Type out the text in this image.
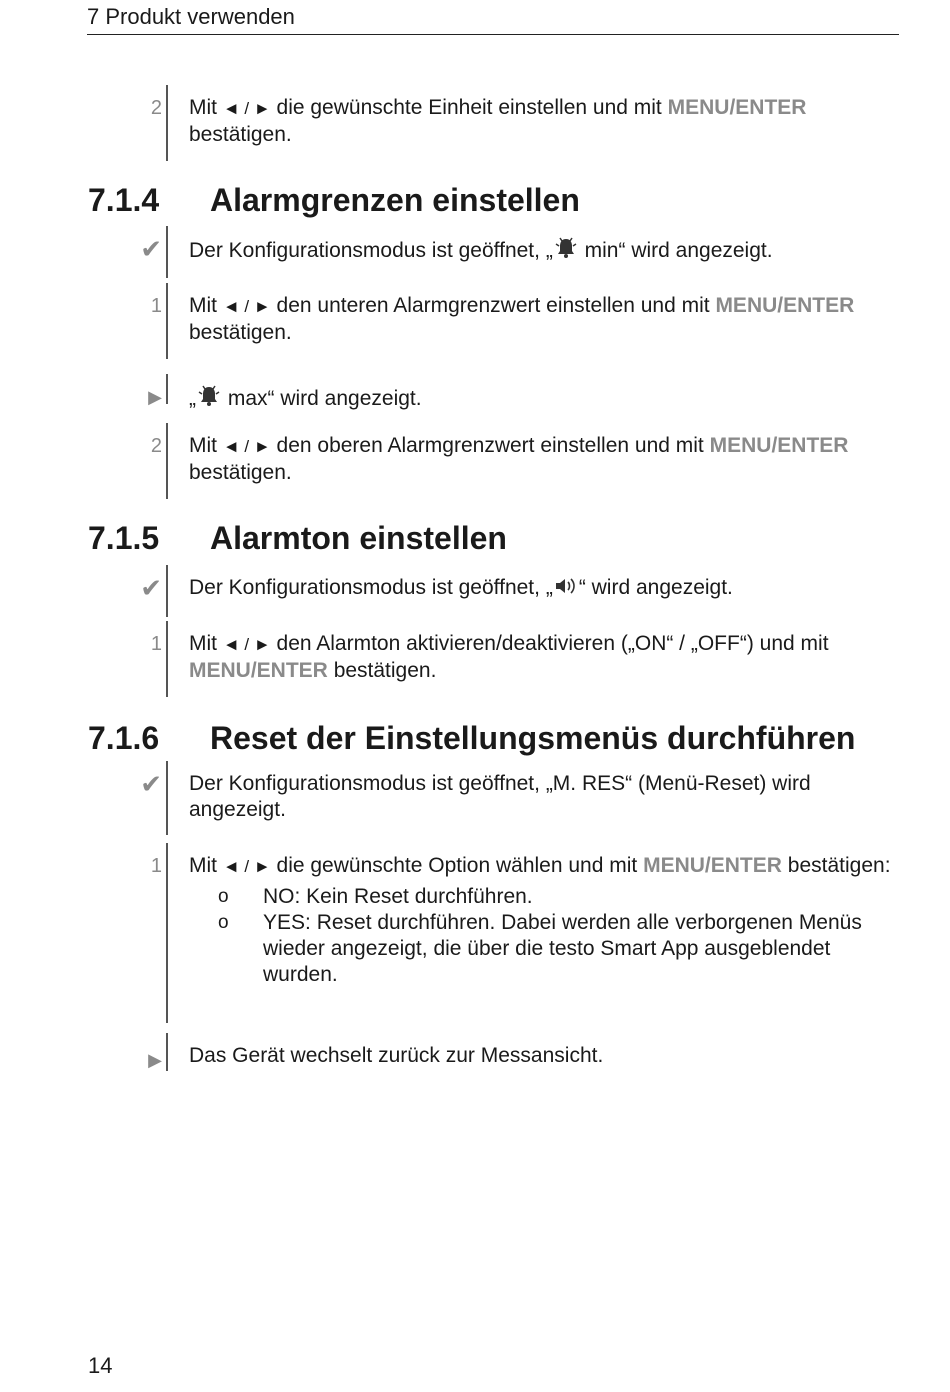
7 Produkt verwenden
2 Mit ◄ / ► die gewünschte Einheit einstellen und mit MENU/ENTER bestätigen.
7.1.4 Alarmgrenzen einstellen
✔ Der Konfigurationsmodus ist geöffnet, „ min“ wird angezeigt.
1 Mit ◄ / ► den unteren Alarmgrenzwert einstellen und mit MENU/ENTER bestätigen.
▶ „ max“ wird angezeigt.
2 Mit ◄ / ► den oberen Alarmgrenzwert einstellen und mit MENU/ENTER bestätigen.
7.1.5 Alarmton einstellen
✔ Der Konfigurationsmodus ist geöffnet, „ “ wird angezeigt.
1 Mit ◄ / ► den Alarmton aktivieren/deaktivieren („ON“ / „OFF“) und mit MENU/ENTER bestätigen.
7.1.6 Reset der Einstellungsmenüs durchführen
✔ Der Konfigurationsmodus ist geöffnet, „M. RES“ (Menü-Reset) wird angezeigt.
1 Mit ◄ / ► die gewünschte Option wählen und mit MENU/ENTER bestätigen:
o NO: Kein Reset durchführen.
o YES: Reset durchführen. Dabei werden alle verborgenen Menüs wieder angezeigt, die über die testo Smart App ausgeblendet wurden.
▶ Das Gerät wechselt zurück zur Messansicht.
14
